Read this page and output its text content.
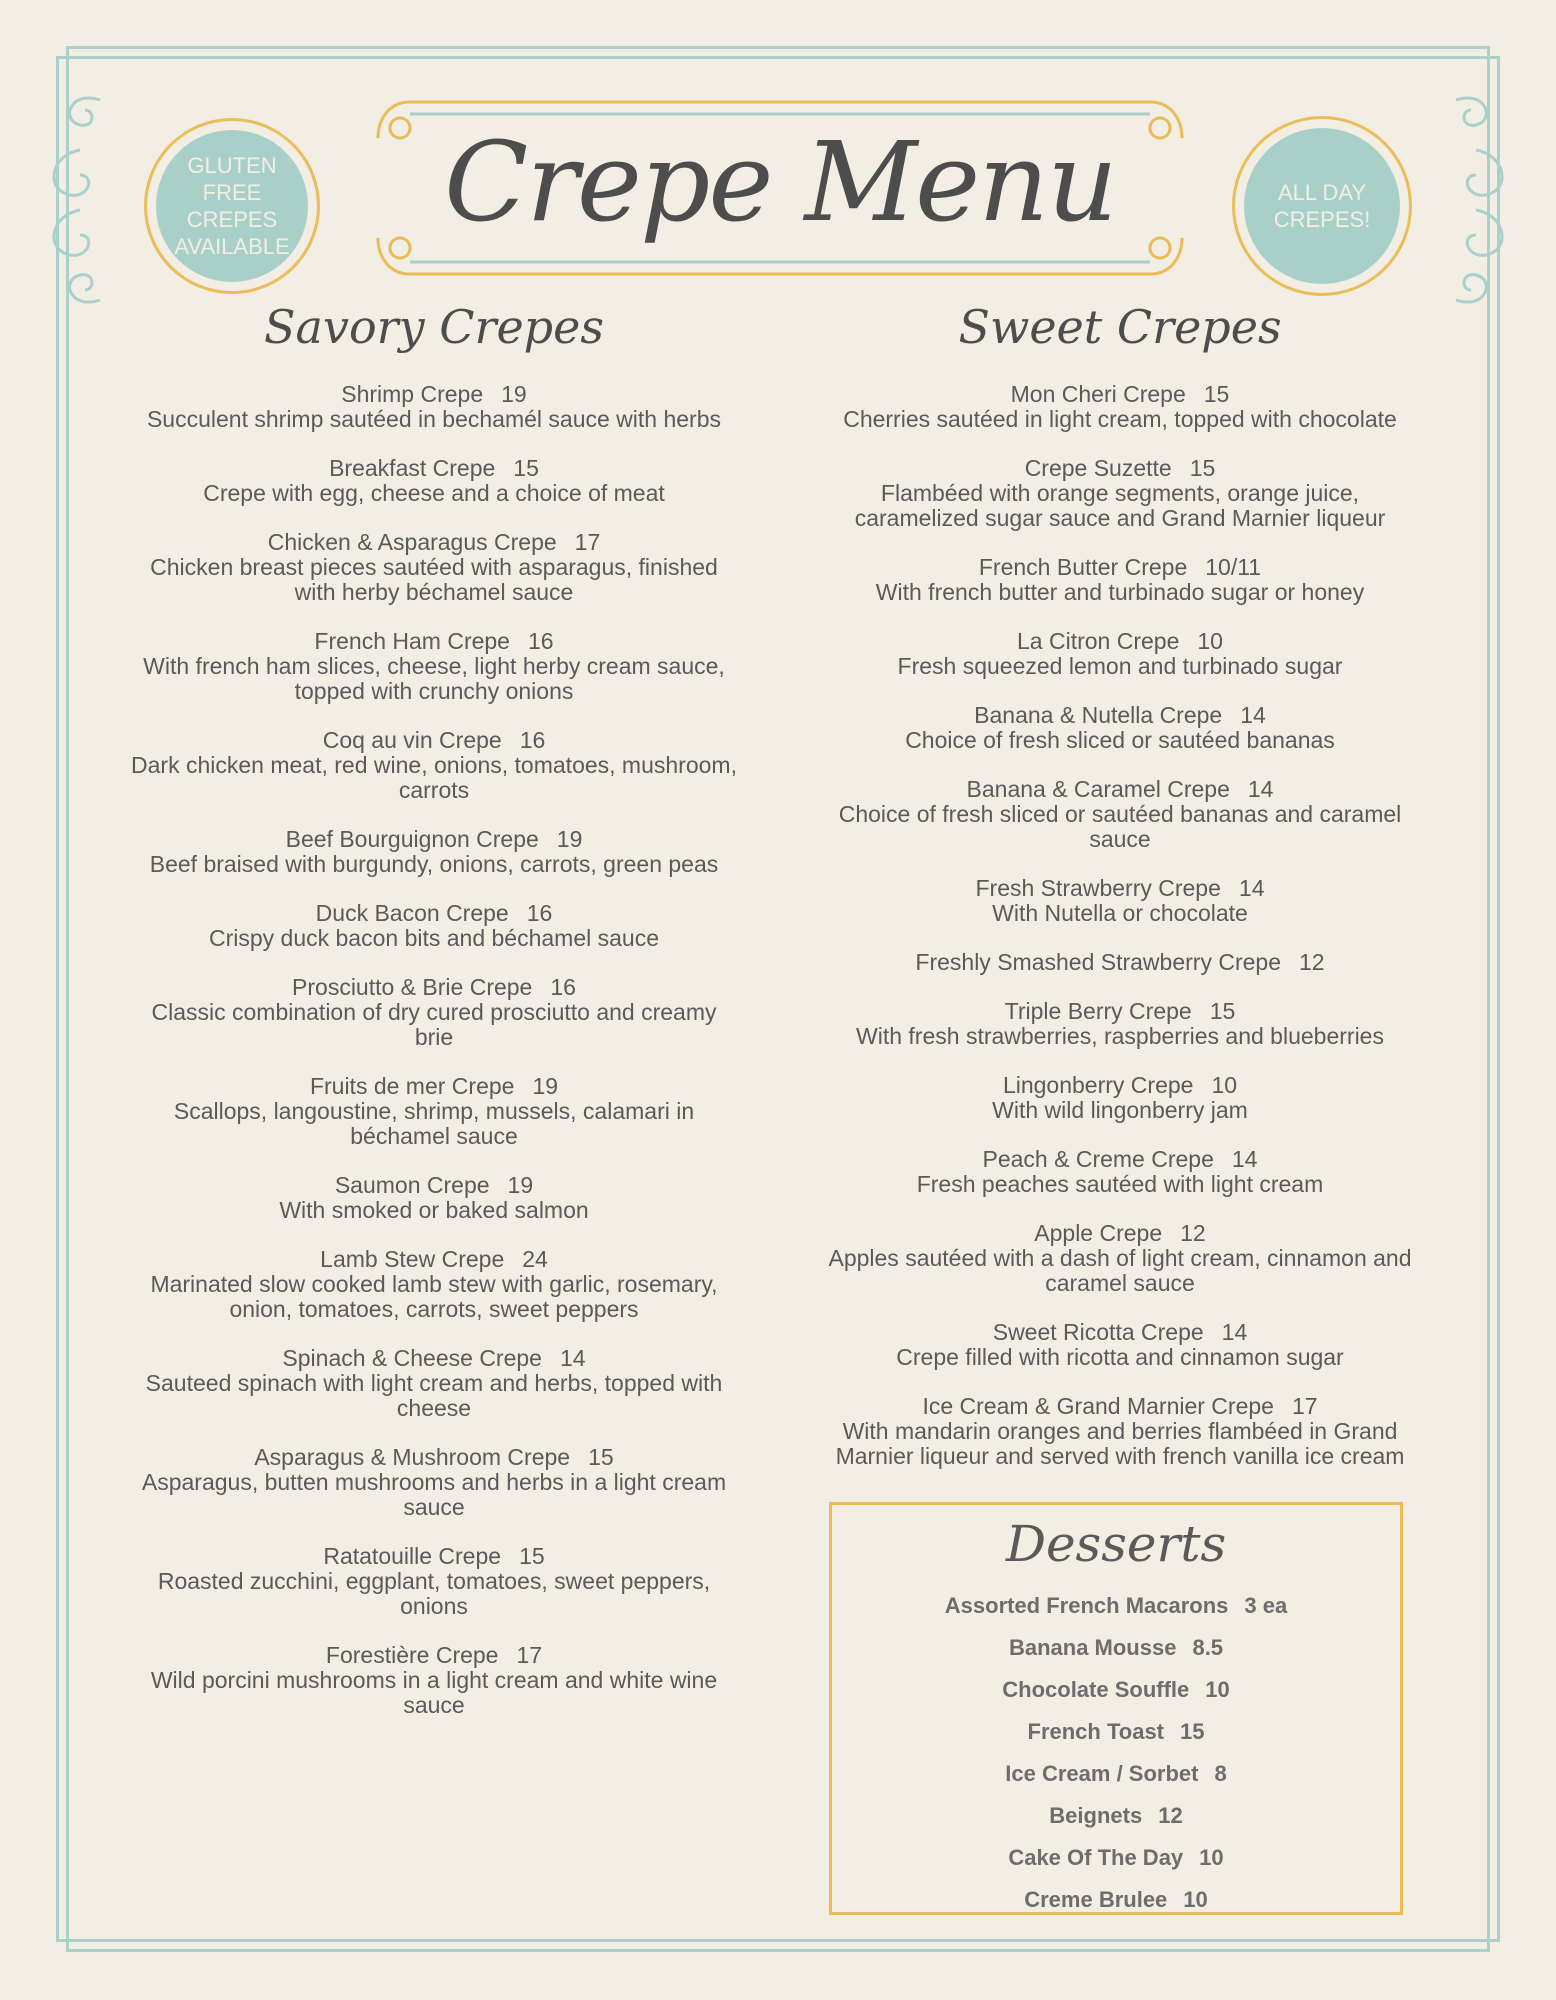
Crepe Menu
GLUTEN FREE CREPES AVAILABLE
ALL DAY CREPES!
Savory Crepes
Shrimp Crepe 19
Succulent shrimp sautéed in bechamél sauce with herbs
Breakfast Crepe 15
Crepe with egg, cheese and a choice of meat
Chicken & Asparagus Crepe 17
Chicken breast pieces sautéed with asparagus, finished with herby béchamel sauce
French Ham Crepe 16
With french ham slices, cheese, light herby cream sauce, topped with crunchy onions
Coq au vin Crepe 16
Dark chicken meat, red wine, onions, tomatoes, mushroom, carrots
Beef Bourguignon Crepe 19
Beef braised with burgundy, onions, carrots, green peas
Duck Bacon Crepe 16
Crispy duck bacon bits and béchamel sauce
Prosciutto & Brie Crepe 16
Classic combination of dry cured prosciutto and creamy brie
Fruits de mer Crepe 19
Scallops, langoustine, shrimp, mussels, calamari in béchamel sauce
Saumon Crepe 19
With smoked or baked salmon
Lamb Stew Crepe 24
Marinated slow cooked lamb stew with garlic, rosemary, onion, tomatoes, carrots, sweet peppers
Spinach & Cheese Crepe 14
Sauteed spinach with light cream and herbs, topped with cheese
Asparagus & Mushroom Crepe 15
Asparagus, butten mushrooms and herbs in a light cream sauce
Ratatouille Crepe 15
Roasted zucchini, eggplant, tomatoes, sweet peppers, onions
Forestière Crepe 17
Wild porcini mushrooms in a light cream and white wine sauce
Sweet Crepes
Mon Cheri Crepe 15
Cherries sautéed in light cream, topped with chocolate
Crepe Suzette 15
Flambéed with orange segments, orange juice, caramelized sugar sauce and Grand Marnier liqueur
French Butter Crepe 10/11
With french butter and turbinado sugar or honey
La Citron Crepe 10
Fresh squeezed lemon and turbinado sugar
Banana & Nutella Crepe 14
Choice of fresh sliced or sautéed bananas
Banana & Caramel Crepe 14
Choice of fresh sliced or sautéed bananas and caramel sauce
Fresh Strawberry Crepe 14
With Nutella or chocolate
Freshly Smashed Strawberry Crepe 12
Triple Berry Crepe 15
With fresh strawberries, raspberries and blueberries
Lingonberry Crepe 10
With wild lingonberry jam
Peach & Creme Crepe 14
Fresh peaches sautéed with light cream
Apple Crepe 12
Apples sautéed with a dash of light cream, cinnamon and caramel sauce
Sweet Ricotta Crepe 14
Crepe filled with ricotta and cinnamon sugar
Ice Cream & Grand Marnier Crepe 17
With mandarin oranges and berries flambéed in Grand Marnier liqueur and served with french vanilla ice cream
Desserts
Assorted French Macarons 3 ea
Banana Mousse 8.5
Chocolate Souffle 10
French Toast 15
Ice Cream / Sorbet 8
Beignets 12
Cake Of The Day 10
Creme Brulee 10
